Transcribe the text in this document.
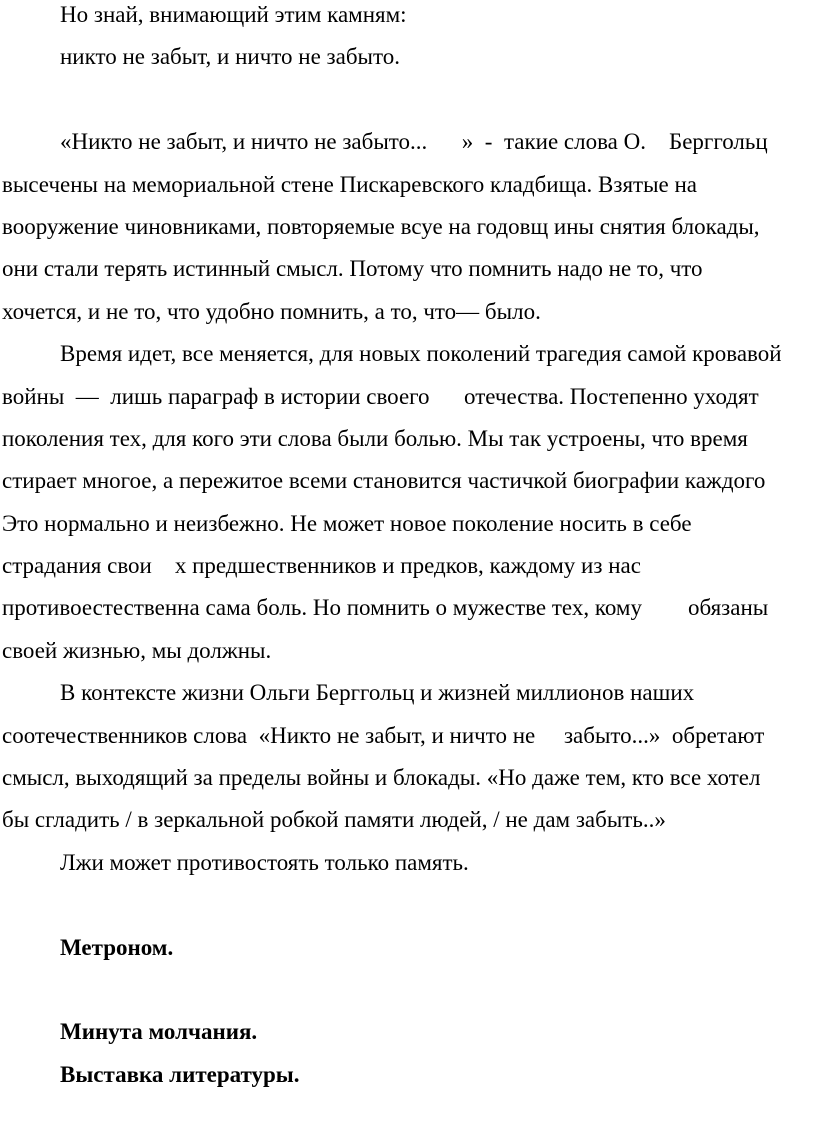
Но знай, внимающий этим камням:
никто не забыт, и ничто не забыто.
«Никто не забыт, и ничто не забыто...      »  -  такие слова О.    Берггольц
высечены на мемориальной стене Пискаревского кладбища. Взятые на
вооружение чиновниками, повторяемые всуе на годовщ ины снятия блокады,
они стали терять истинный смысл. Потому что помнить надо не то, что
хочется, и не то, что удобно помнить, а то, что— было.
Время идет, все меняется, для новых поколений трагедия самой кровавой
войны  —  лишь параграф в истории своего      отечества. Постепенно уходят
поколения тех, для кого эти слова были болью. Мы так устроены, что время
стирает многое, а пережитое всеми становится частичкой биографии каждого
Это нормально и неизбежно. Не может новое поколение носить в себе
страдания свои    х предшественников и предков, каждому из нас
противоестественна сама боль. Но помнить о мужестве тех, кому        обязаны
своей жизнью, мы должны.
В контексте жизни Ольги Берггольц и жизней миллионов наших
соотечественников слова  «Никто не забыт, и ничто не     забыто...»  обретают
смысл, выходящий за пределы войны и блокады. «Но даже тем, кто все хотел
бы сгладить / в зеркальной робкой памяти людей, / не дам забыть..»
Лжи может противостоять только память.
Метроном.
Минута молчания.
Выставка литературы.
